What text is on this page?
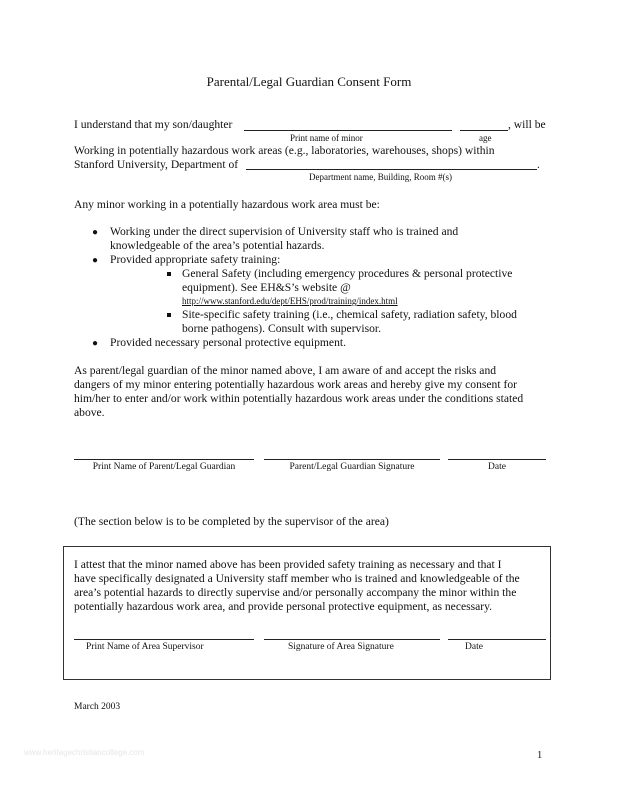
Parental/Legal Guardian Consent Form
I understand that my son/daughter	, will be
Print name of minor	age
Working in potentially hazardous work areas (e.g., laboratories, warehouses, shops) within
Stanford University, Department of	.
Department name, Building, Room #(s)
Any minor working in a potentially hazardous work area must be:
● Working under the direct supervision of University staff who is trained and
knowledgeable of the area’s potential hazards.
● Provided appropriate safety training:
General Safety (including emergency procedures & personal protective
equipment). See EH&S’s website @
http://www.stanford.edu/dept/EHS/prod/training/index.html
Site-specific safety training (i.e., chemical safety, radiation safety, blood
borne pathogens). Consult with supervisor.
● Provided necessary personal protective equipment.
As parent/legal guardian of the minor named above, I am aware of and accept the risks and
dangers of my minor entering potentially hazardous work areas and hereby give my consent for
him/her to enter and/or work within potentially hazardous work areas under the conditions stated
above.
Print Name of Parent/Legal Guardian	Parent/Legal Guardian Signature	Date
(The section below is to be completed by the supervisor of the area)
I attest that the minor named above has been provided safety training as necessary and that I
have specifically designated a University staff member who is trained and knowledgeable of the
area’s potential hazards to directly supervise and/or personally accompany the minor within the
potentially hazardous work area, and provide personal protective equipment, as necessary.
Print Name of Area Supervisor	Signature of Area Signature	Date
March 2003
1
www.heritagechristiancollege.com
